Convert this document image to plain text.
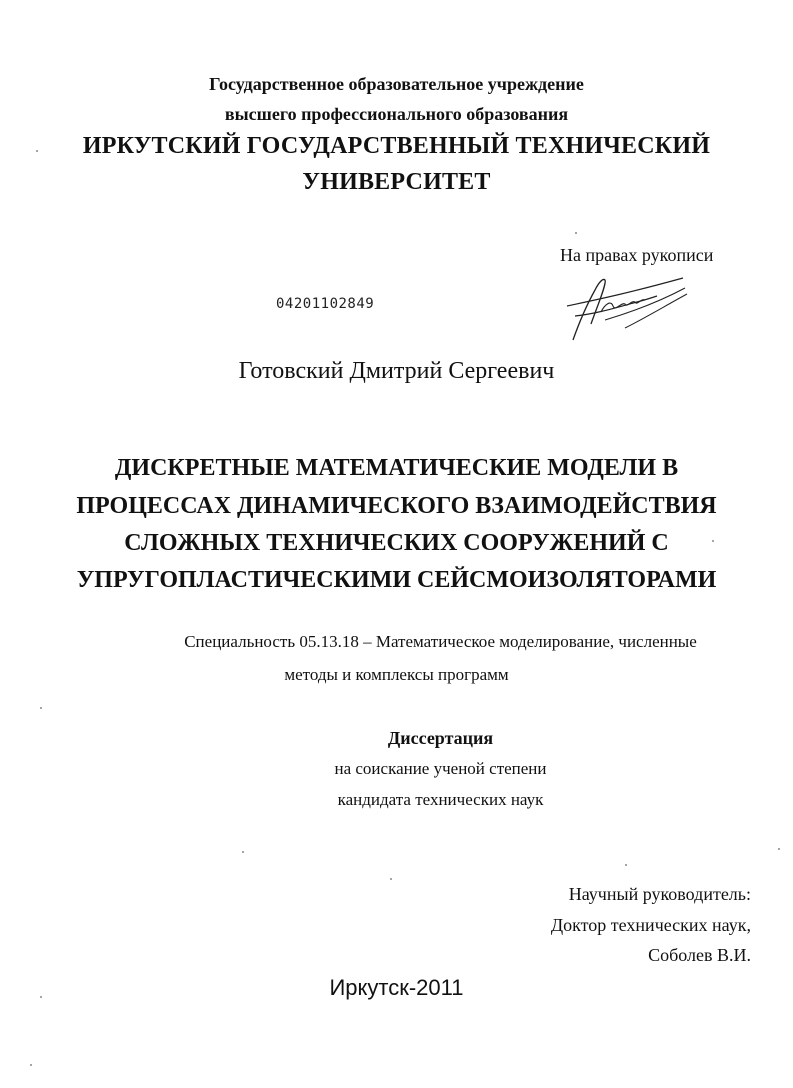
Государственное образовательное учреждение
высшего профессионального образования
ИРКУТСКИЙ ГОСУДАРСТВЕННЫЙ ТЕХНИЧЕСКИЙ
УНИВЕРСИТЕТ
На правах рукописи
04201102849
Готовский Дмитрий Сергеевич
ДИСКРЕТНЫЕ МАТЕМАТИЧЕСКИЕ МОДЕЛИ В
ПРОЦЕССАХ ДИНАМИЧЕСКОГО ВЗАИМОДЕЙСТВИЯ
СЛОЖНЫХ ТЕХНИЧЕСКИХ СООРУЖЕНИЙ С
УПРУГОПЛАСТИЧЕСКИМИ СЕЙСМОИЗОЛЯТОРАМИ
Специальность 05.13.18 – Математическое моделирование, численные
методы и комплексы программ
Диссертация
на соискание ученой степени
кандидата технических наук
Научный руководитель:
Доктор технических наук,
Соболев В.И.
Иркутск-2011
